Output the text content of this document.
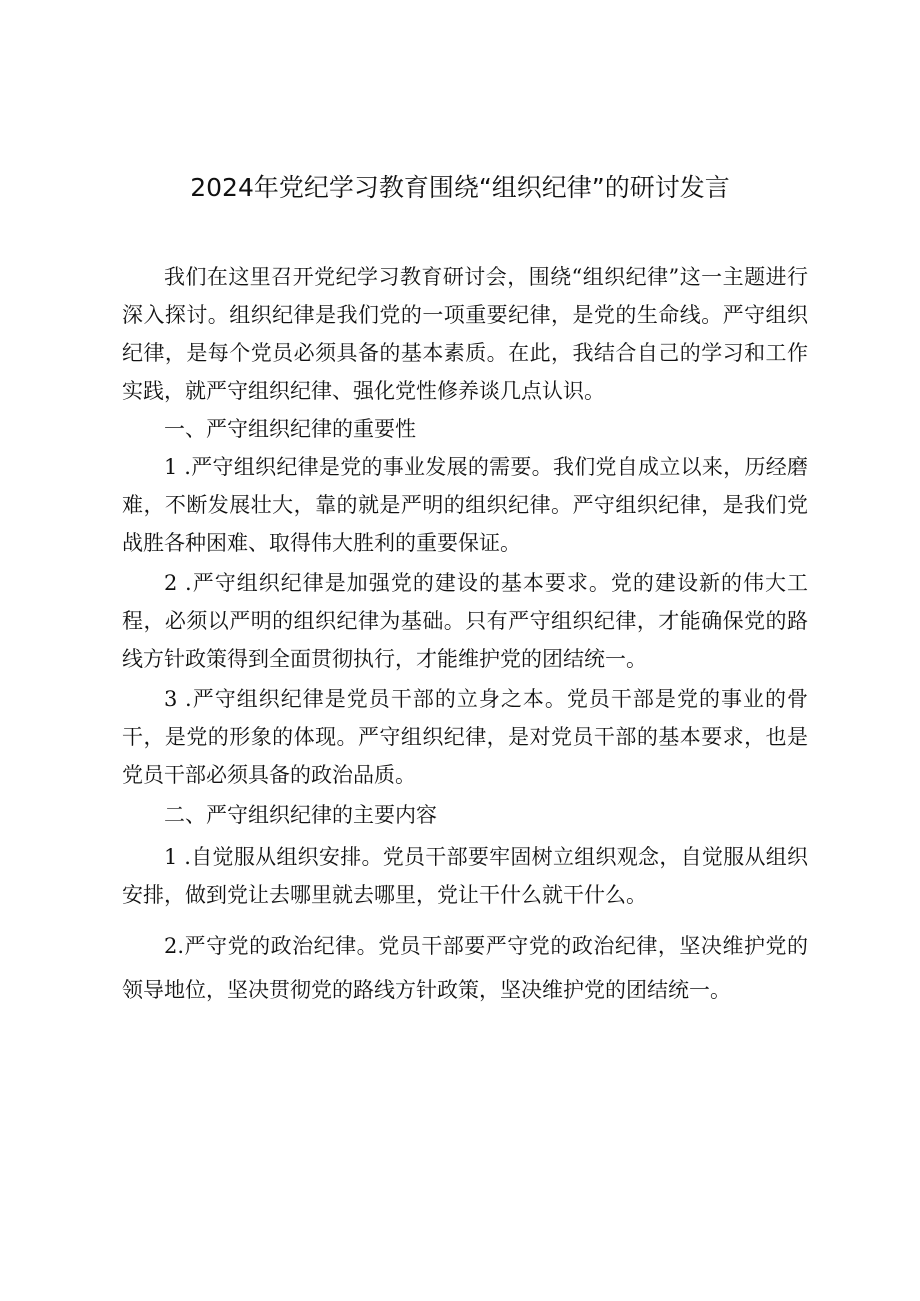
2024年党纪学习教育围绕“组织纪律”的研讨发言

我们在这里召开党纪学习教育研讨会，围绕“组织纪律”这一主题进行深入探讨。组织纪律是我们党的一项重要纪律，是党的生命线。严守组织纪律，是每个党员必须具备的基本素质。在此，我结合自己的学习和工作实践，就严守组织纪律、强化党性修养谈几点认识。

一、严守组织纪律的重要性

1 .严守组织纪律是党的事业发展的需要。我们党自成立以来，历经磨难，不断发展壮大，靠的就是严明的组织纪律。严守组织纪律，是我们党战胜各种困难、取得伟大胜利的重要保证。

2 .严守组织纪律是加强党的建设的基本要求。党的建设新的伟大工程，必须以严明的组织纪律为基础。只有严守组织纪律，才能确保党的路线方针政策得到全面贯彻执行，才能维护党的团结统一。

3 .严守组织纪律是党员干部的立身之本。党员干部是党的事业的骨干，是党的形象的体现。严守组织纪律，是对党员干部的基本要求，也是党员干部必须具备的政治品质。

二、严守组织纪律的主要内容

1 .自觉服从组织安排。党员干部要牢固树立组织观念，自觉服从组织安排，做到党让去哪里就去哪里，党让干什么就干什么。

2.严守党的政治纪律。党员干部要严守党的政治纪律，坚决维护党的领导地位，坚决贯彻党的路线方针政策，坚决维护党的团结统一。
